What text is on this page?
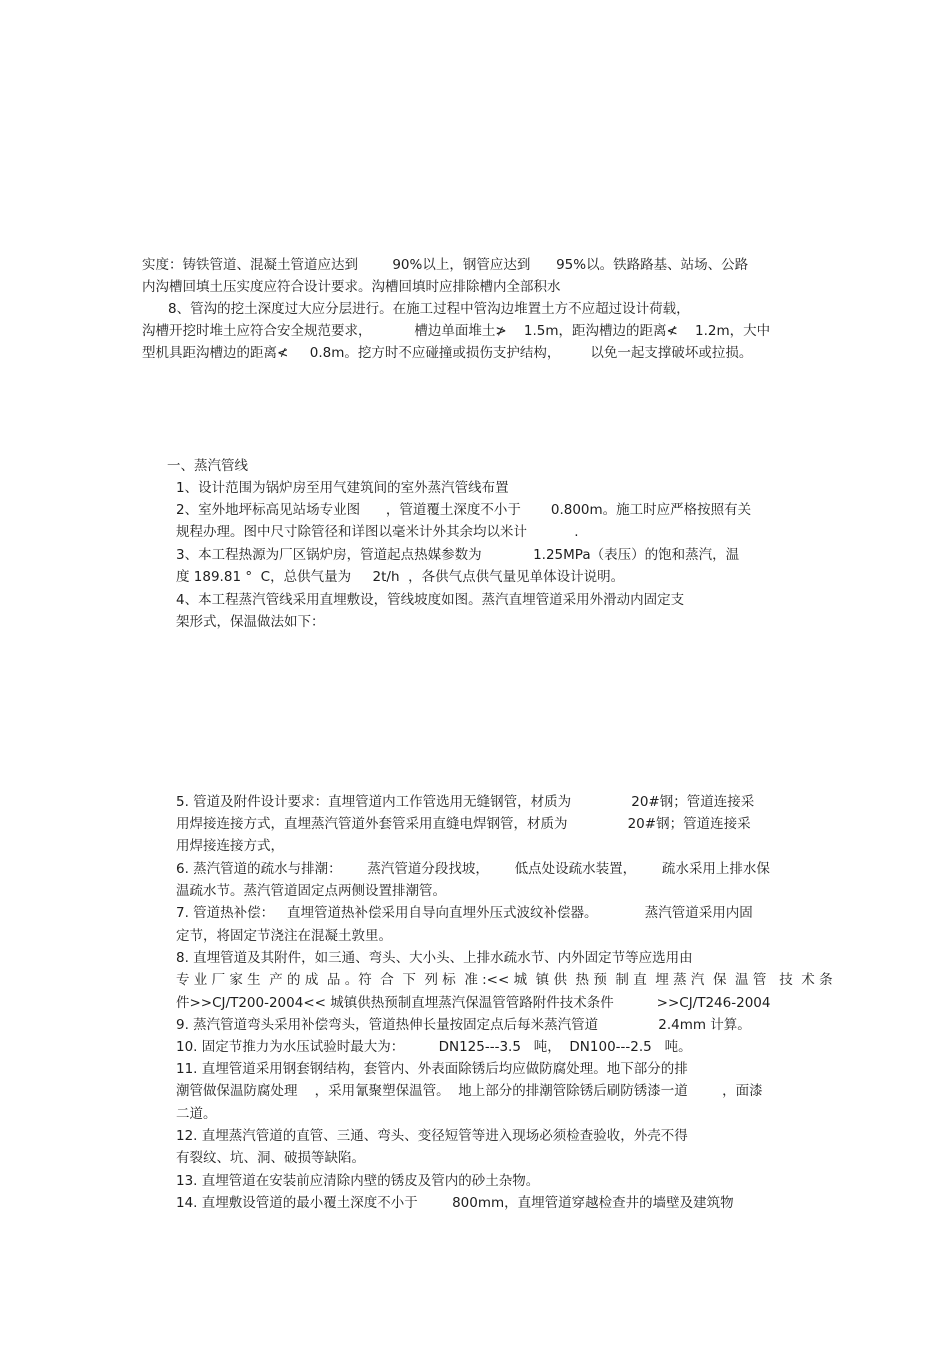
实度：铸铁管道、混凝土管道应达到        90%以上，钢管应达到      95%以。铁路路基、站场、公路
内沟槽回填土压实度应符合设计要求。沟槽回填时应排除槽内全部积水
8、管沟的挖土深度过大应分层进行。在施工过程中管沟边堆置土方不应超过设计荷载，
沟槽开挖时堆土应符合安全规范要求，          槽边单面堆土≯    1.5m，距沟槽边的距离≮    1.2m，大中
型机具距沟槽边的距离≮     0.8m。挖方时不应碰撞或损伤支护结构，       以免一起支撑破坏或拉损。
一、蒸汽管线
1、设计范围为锅炉房至用气建筑间的室外蒸汽管线布置
2、室外地坪标高见站场专业图      ，管道覆土深度不小于       0.800m。施工时应严格按照有关
规程办理。图中尺寸除管径和详图以毫米计外其余均以米计           .
3、本工程热源为厂区锅炉房，管道起点热媒参数为            1.25MPa（表压）的饱和蒸汽，温
度 189.81 °  C，总供气量为     2t/h  ，各供气点供气量见单体设计说明。
4、本工程蒸汽管线采用直埋敷设，管线坡度如图。蒸汽直埋管道采用外滑动内固定支
架形式，保温做法如下：
5. 管道及附件设计要求：直埋管道内工作管选用无缝钢管，材质为              20#钢；管道连接采
用焊接连接方式，直埋蒸汽管道外套管采用直缝电焊钢管，材质为              20#钢；管道连接采
用焊接连接方式，
6. 蒸汽管道的疏水与排潮：      蒸汽管道分段找坡，      低点处设疏水装置，      疏水采用上排水保
温疏水节。蒸汽管道固定点两侧设置排潮管。
7. 管道热补偿：   直埋管道热补偿采用自导向直埋外压式波纹补偿器。           蒸汽管道采用内固
定节，将固定节浇注在混凝土敦里。
8. 直埋管道及其附件，如三通、弯头、大小头、上排水疏水节、内外固定节等应选用由
专 业 厂 家 生  产 的 成  品 。符  合  下  列 标  准 :<< 城  镇 供  热 预  制 直  埋 蒸 汽  保  温 管   技  术 条
件>>CJ/T200-2004<< 城镇供热预制直埋蒸汽保温管管路附件技术条件          >>CJ/T246-2004
9. 蒸汽管道弯头采用补偿弯头，管道热伸长量按固定点后每米蒸汽管道              2.4mm 计算。
10. 固定节推力为水压试验时最大为：        DN125---3.5   吨，  DN100---2.5   吨。
11. 直埋管道采用钢套钢结构，套管内、外表面除锈后均应做防腐处理。地下部分的排
潮管做保温防腐处理    ，采用氰聚塑保温管。  地上部分的排潮管除锈后刷防锈漆一道        ，面漆
二道。
12. 直埋蒸汽管道的直管、三通、弯头、变径短管等进入现场必须检查验收，外壳不得
有裂纹、坑、洞、破损等缺陷。
13. 直埋管道在安装前应清除内壁的锈皮及管内的砂土杂物。
14. 直埋敷设管道的最小覆土深度不小于        800mm，直埋管道穿越检查井的墙壁及建筑物
